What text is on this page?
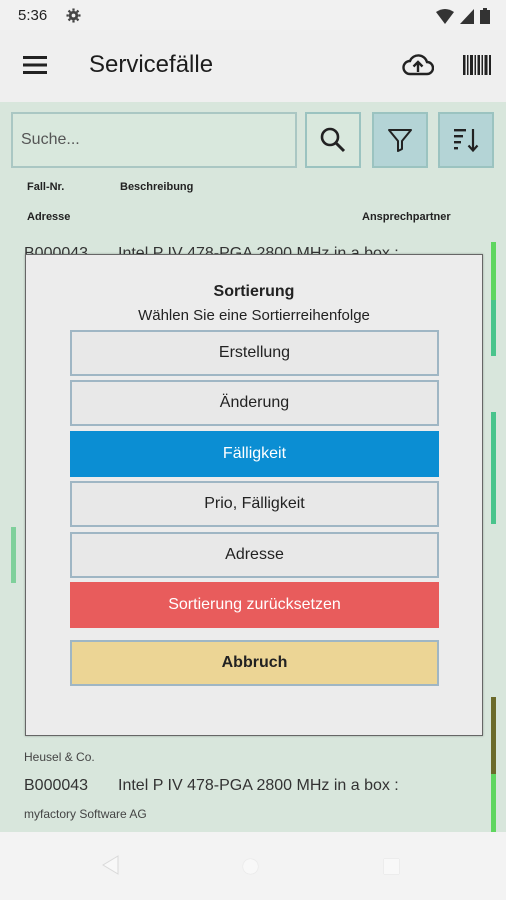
5:36
Servicefälle
Suche...
Fall-Nr.	Beschreibung
Adresse	Ansprechpartner
Heusel & Co.
B000043 Intel P IV 478-PGA 2800 MHz in a box :
myfactory Software AG
Sortierung
Wählen Sie eine Sortierreihenfolge
Erstellung
Änderung
Fälligkeit
Prio, Fälligkeit
Adresse
Sortierung zurücksetzen
Abbruch
